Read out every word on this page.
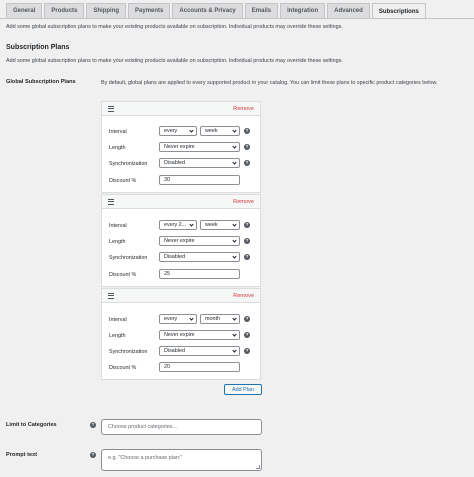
General	Products	Shipping	Payments	Accounts & Privacy	Emails	Integration	Advanced	Subscriptions
Add some global subscription plans to make your existing products available on subscription. Individual products may override these settings.
Subscription Plans
Add some global subscription plans to make your existing products available on subscription. Individual products may override these settings.
Global Subscription Plans	By default, global plans are applied to every supported product in your catalog. You can limit these plans to specific product categories below.
Remove
Interval	every	week	?
Length	Never expire	?
Synchronization	Disabled	?
Discount %	30
Remove
Interval	every 2...	week	?
Length	Never expire	?
Synchronization	Disabled	?
Discount %	25
Remove
Interval	every	month	?
Length	Never expire	?
Synchronization	Disabled	?
Discount %	20
Add Plan
Limit to Categories	?	Choose product categories...
Prompt text	?
e.g. "Choose a purchase plan:"
